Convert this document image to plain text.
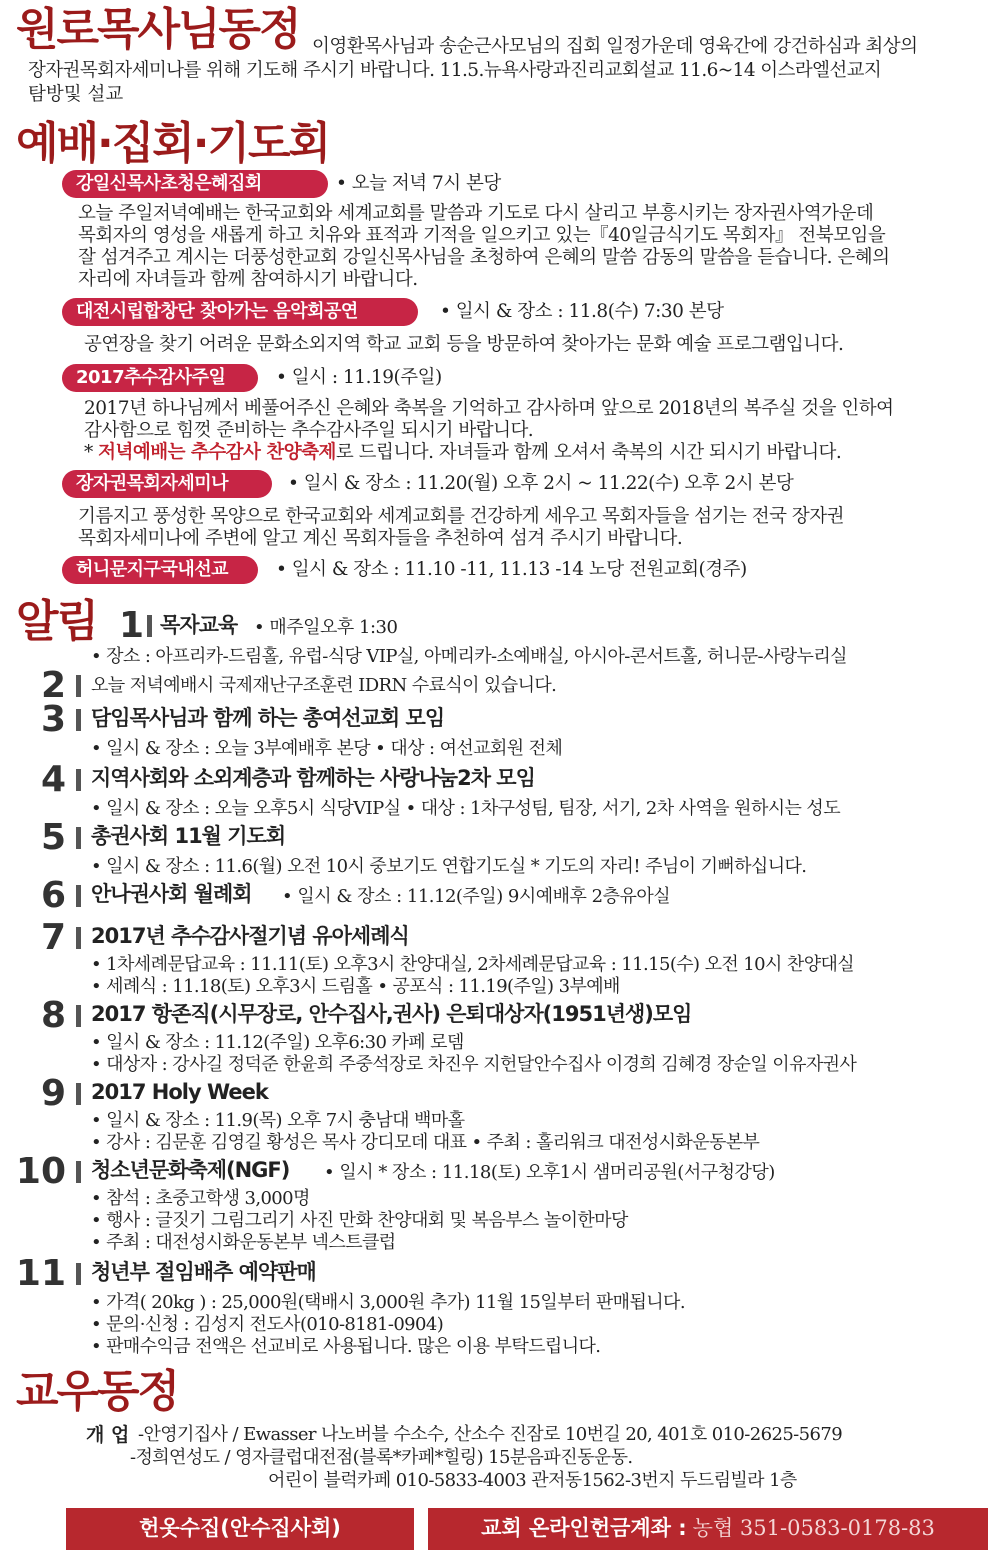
원로목사님동정 이영환목사님과 송순근사모님의 집회 일정가운데 영육간에 강건하심과 최상의
장자권목회자세미나를 위해 기도해 주시기 바랍니다. 11.5.뉴욕사랑과진리교회설교 11.6~14 이스라엘선교지
탐방및 설교
예배·집회·기도회
강일신목사초청은혜집회	• 오늘 저녁 7시 본당
오늘 주일저녁예배는 한국교회와 세계교회를 말씀과 기도로 다시 살리고 부흥시키는 장자권사역가운데
목회자의 영성을 새롭게 하고 치유와 표적과 기적을 일으키고 있는『40일금식기도 목회자』 전북모임을
잘 섬겨주고 계시는 더풍성한교회 강일신목사님을 초청하여 은혜의 말씀 감동의 말씀을 듣습니다. 은혜의
자리에 자녀들과 함께 참여하시기 바랍니다.
대전시립합창단 찾아가는 음악회공연	• 일시 & 장소 : 11.8(수) 7:30 본당
공연장을 찾기 어려운 문화소외지역 학교 교회 등을 방문하여 찾아가는 문화 예술 프로그램입니다.
2017추수감사주일	• 일시 : 11.19(주일)
2017년 하나님께서 베풀어주신 은혜와 축복을 기억하고 감사하며 앞으로 2018년의 복주실 것을 인하여
감사함으로 힘껏 준비하는 추수감사주일 되시기 바랍니다.
* 저녁예배는 추수감사 찬양축제로 드립니다. 자녀들과 함께 오셔서 축복의 시간 되시기 바랍니다.
장자권목회자세미나	• 일시 & 장소 : 11.20(월) 오후 2시 ~ 11.22(수) 오후 2시 본당
기름지고 풍성한 목양으로 한국교회와 세계교회를 건강하게 세우고 목회자들을 섬기는 전국 장자권
목회자세미나에 주변에 알고 계신 목회자들을 추천하여 섬겨 주시기 바랍니다.
허니문지구국내선교	• 일시 & 장소 : 11.10 -11, 11.13 -14 노당 전원교회(경주)
알림 1 목자교육 • 매주일오후 1:30
• 장소 : 아프리카-드림홀, 유럽-식당 VIP실, 아메리카-소예배실, 아시아-콘서트홀, 허니문-사랑누리실
2 오늘 저녁예배시 국제재난구조훈련 IDRN 수료식이 있습니다.
3 담임목사님과 함께 하는 총여선교회 모임
• 일시 & 장소 : 오늘 3부예배후 본당 • 대상 : 여선교회원 전체
4 지역사회와 소외계층과 함께하는 사랑나눔2차 모임
• 일시 & 장소 : 오늘 오후5시 식당VIP실 • 대상 : 1차구성팀, 팀장, 서기, 2차 사역을 원하시는 성도
5 총권사회 11월 기도회
• 일시 & 장소 : 11.6(월) 오전 10시 중보기도 연합기도실 * 기도의 자리! 주님이 기뻐하십니다.
6 안나권사회 월례회 • 일시 & 장소 : 11.12(주일) 9시예배후 2층유아실
7 2017년 추수감사절기념 유아세례식
• 1차세례문답교육 : 11.11(토) 오후3시 찬양대실, 2차세례문답교육 : 11.15(수) 오전 10시 찬양대실
• 세례식 : 11.18(토) 오후3시 드림홀 • 공포식 : 11.19(주일) 3부예배
8 2017 항존직(시무장로, 안수집사,권사) 은퇴대상자(1951년생)모임
• 일시 & 장소 : 11.12(주일) 오후6:30 카페 로뎀
• 대상자 : 강사길 정덕준 한윤희 주중석장로 차진우 지헌달안수집사 이경희 김혜경 장순일 이유자권사
9 2017 Holy Week
• 일시 & 장소 : 11.9(목) 오후 7시 충남대 백마홀
• 강사 : 김문훈 김영길 황성은 목사 강디모데 대표 • 주최 : 홀리워크 대전성시화운동본부
10 청소년문화축제(NGF) • 일시 * 장소 : 11.18(토) 오후1시 샘머리공원(서구청강당)
• 참석 : 초중고학생 3,000명
• 행사 : 글짓기 그림그리기 사진 만화 찬양대회 및 복음부스 놀이한마당
• 주최 : 대전성시화운동본부 넥스트클럽
11 청년부 절임배추 예약판매
• 가격( 20kg ) : 25,000원(택배시 3,000원 추가) 11월 15일부터 판매됩니다.
• 문의·신청 : 김성지 전도사(010-8181-0904)
• 판매수익금 전액은 선교비로 사용됩니다. 많은 이용 부탁드립니다.
교우동정
개 업 -안영기집사 / Ewasser 나노버블 수소수, 산소수 진잠로 10번길 20, 401호 010-2625-5679
-정희연성도 / 영자클럽대전점(블록*카페*힐링) 15분음파진동운동.
어린이 블럭카페 010-5833-4003 관저동1562-3번지 두드림빌라 1층
헌옷수집(안수집사회)	교회 온라인헌금계좌 : 농협 351-0583-0178-83
